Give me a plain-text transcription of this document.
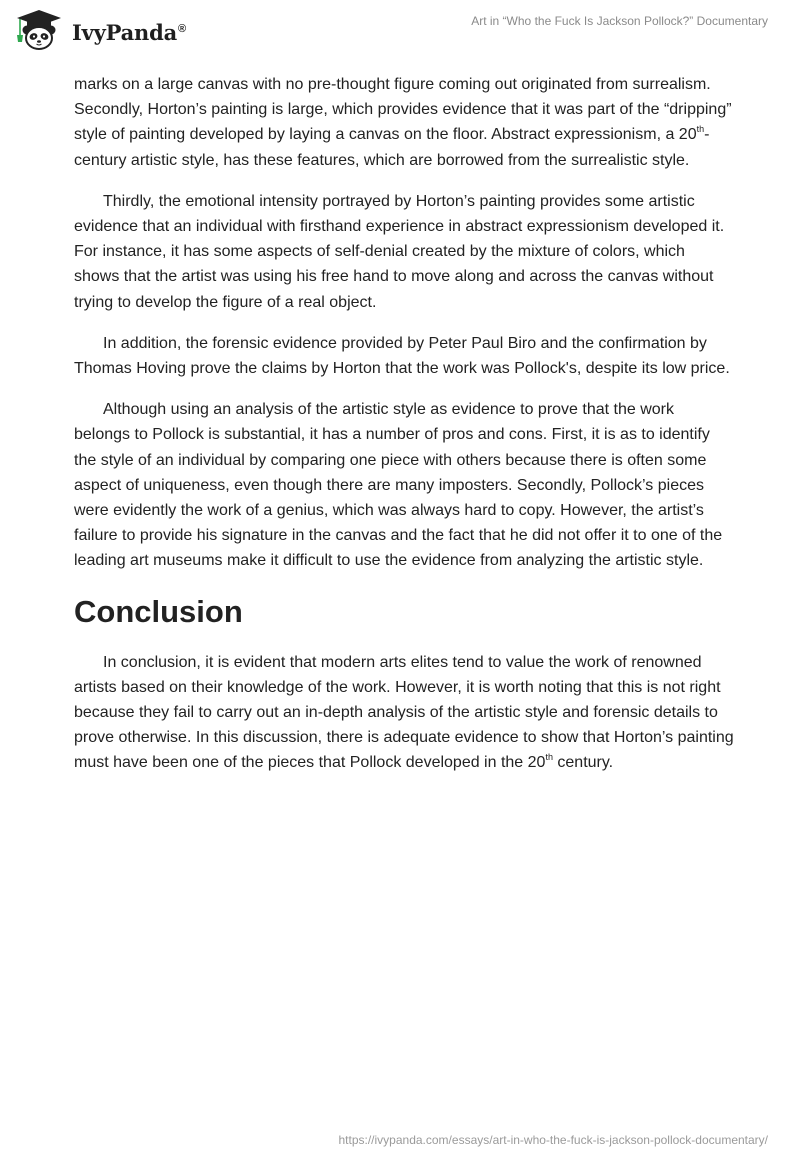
IvyPanda®
Art in “Who the Fuck Is Jackson Pollock?” Documentary

marks on a large canvas with no pre-thought figure coming out originated from surrealism. Secondly, Horton’s painting is large, which provides evidence that it was part of the “dripping” style of painting developed by laying a canvas on the floor. Abstract expressionism, a 20th-century artistic style, has these features, which are borrowed from the surrealistic style.

Thirdly, the emotional intensity portrayed by Horton’s painting provides some artistic evidence that an individual with firsthand experience in abstract expressionism developed it. For instance, it has some aspects of self-denial created by the mixture of colors, which shows that the artist was using his free hand to move along and across the canvas without trying to develop the figure of a real object.

In addition, the forensic evidence provided by Peter Paul Biro and the confirmation by Thomas Hoving prove the claims by Horton that the work was Pollock's, despite its low price.

Although using an analysis of the artistic style as evidence to prove that the work belongs to Pollock is substantial, it has a number of pros and cons. First, it is as to identify the style of an individual by comparing one piece with others because there is often some aspect of uniqueness, even though there are many imposters. Secondly, Pollock’s pieces were evidently the work of a genius, which was always hard to copy. However, the artist’s failure to provide his signature in the canvas and the fact that he did not offer it to one of the leading art museums make it difficult to use the evidence from analyzing the artistic style.

Conclusion

In conclusion, it is evident that modern arts elites tend to value the work of renowned artists based on their knowledge of the work. However, it is worth noting that this is not right because they fail to carry out an in-depth analysis of the artistic style and forensic details to prove otherwise. In this discussion, there is adequate evidence to show that Horton’s painting must have been one of the pieces that Pollock developed in the 20th century.

https://ivypanda.com/essays/art-in-who-the-fuck-is-jackson-pollock-documentary/
